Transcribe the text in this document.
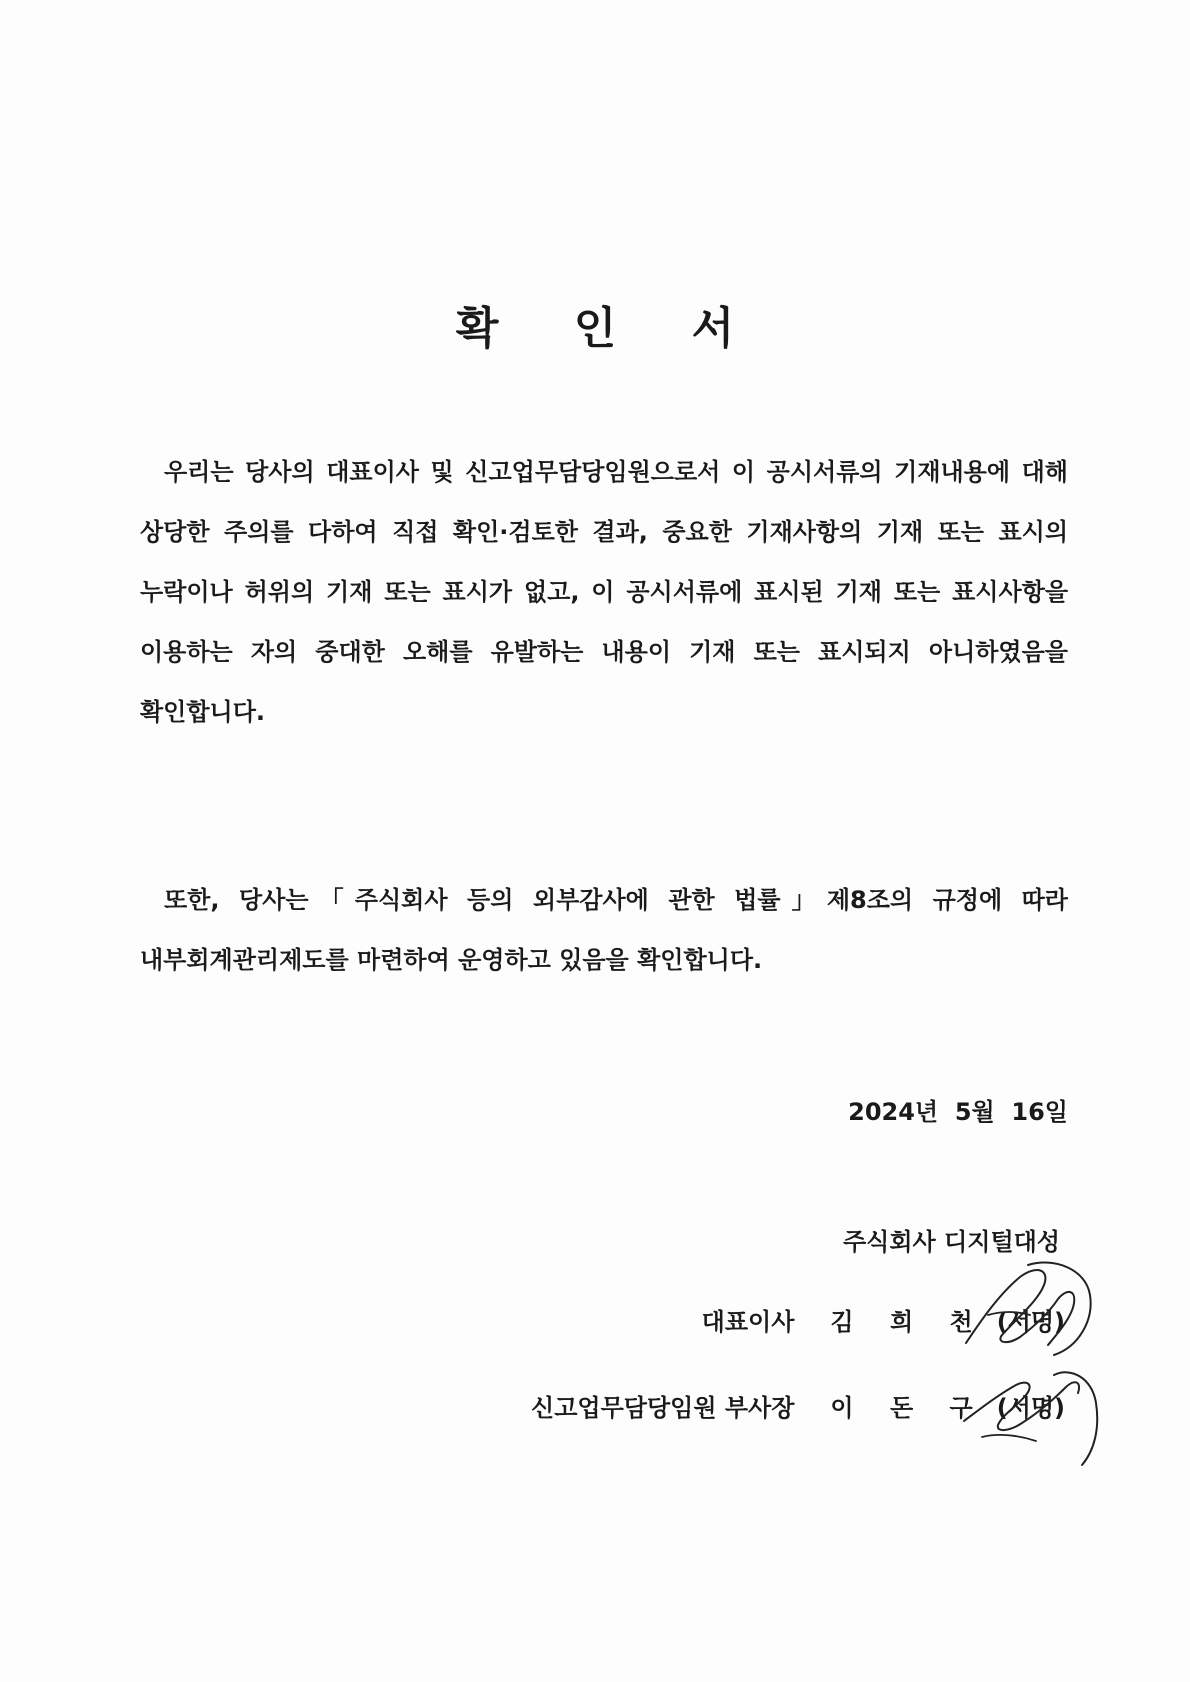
확 인 서
우리는 당사의 대표이사 및 신고업무담당임원으로서 이 공시서류의 기재내용에 대해 상당한 주의를 다하여 직접 확인·검토한 결과, 중요한 기재사항의 기재 또는 표시의 누락이나 허위의 기재 또는 표시가 없고, 이 공시서류에 표시된 기재 또는 표시사항을 이용하는 자의 중대한 오해를 유발하는 내용이 기재 또는 표시되지 아니하였음을 확인합니다.
또한, 당사는「주식회사 등의 외부감사에 관한 법률」제8조의 규정에 따라 내부회계관리제도를 마련하여 운영하고 있음을 확인합니다.
2024년  5월  16일
주식회사 디지털대성
대표이사 김 희 천 (서명)
신고업무담당임원 부사장 이 돈 구 (서명)
